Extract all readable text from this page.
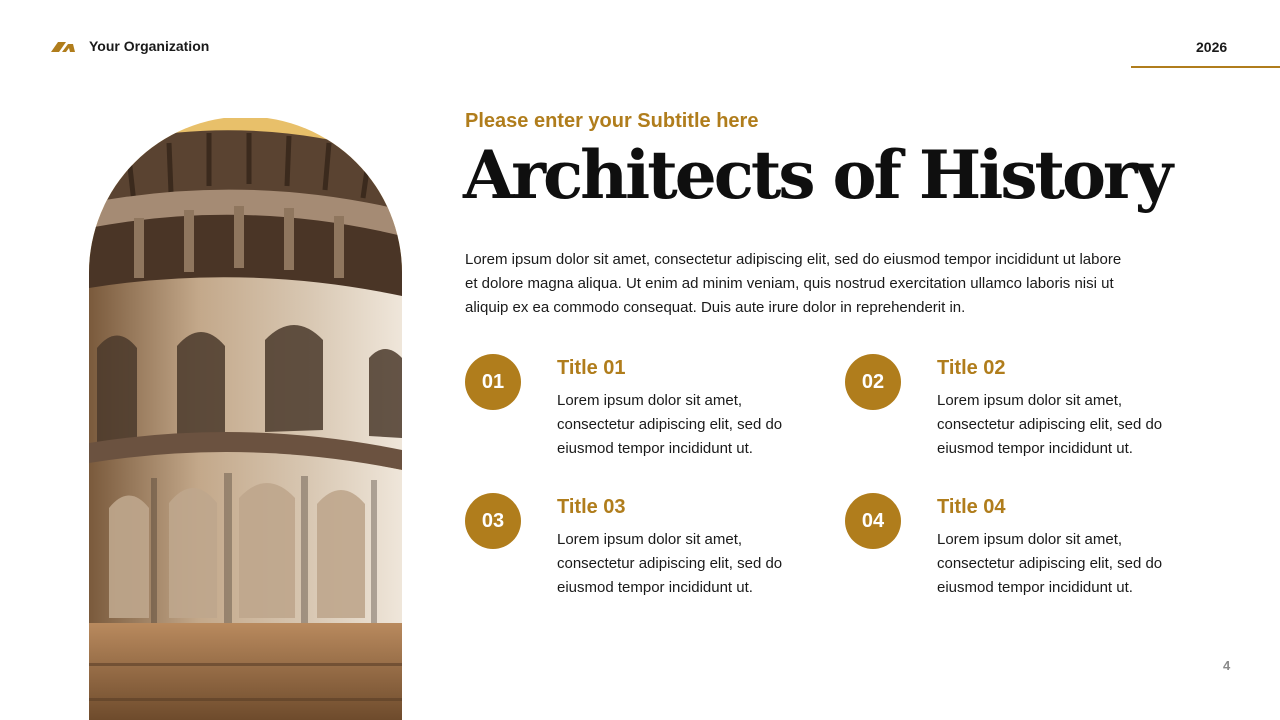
Your Organization	2026
Please enter your Subtitle here
Architects of History
Lorem ipsum dolor sit amet, consectetur adipiscing elit, sed do eiusmod tempor incididunt ut labore et dolore magna aliqua. Ut enim ad minim veniam, quis nostrud exercitation ullamco laboris nisi ut aliquip ex ea commodo consequat. Duis aute irure dolor in reprehenderit in.
01
Title 01
Lorem ipsum dolor sit amet, consectetur adipiscing elit, sed do eiusmod tempor incididunt ut.
02
Title 02
Lorem ipsum dolor sit amet, consectetur adipiscing elit, sed do eiusmod tempor incididunt ut.
03
Title 03
Lorem ipsum dolor sit amet, consectetur adipiscing elit, sed do eiusmod tempor incididunt ut.
04
Title 04
Lorem ipsum dolor sit amet, consectetur adipiscing elit, sed do eiusmod tempor incididunt ut.
4
